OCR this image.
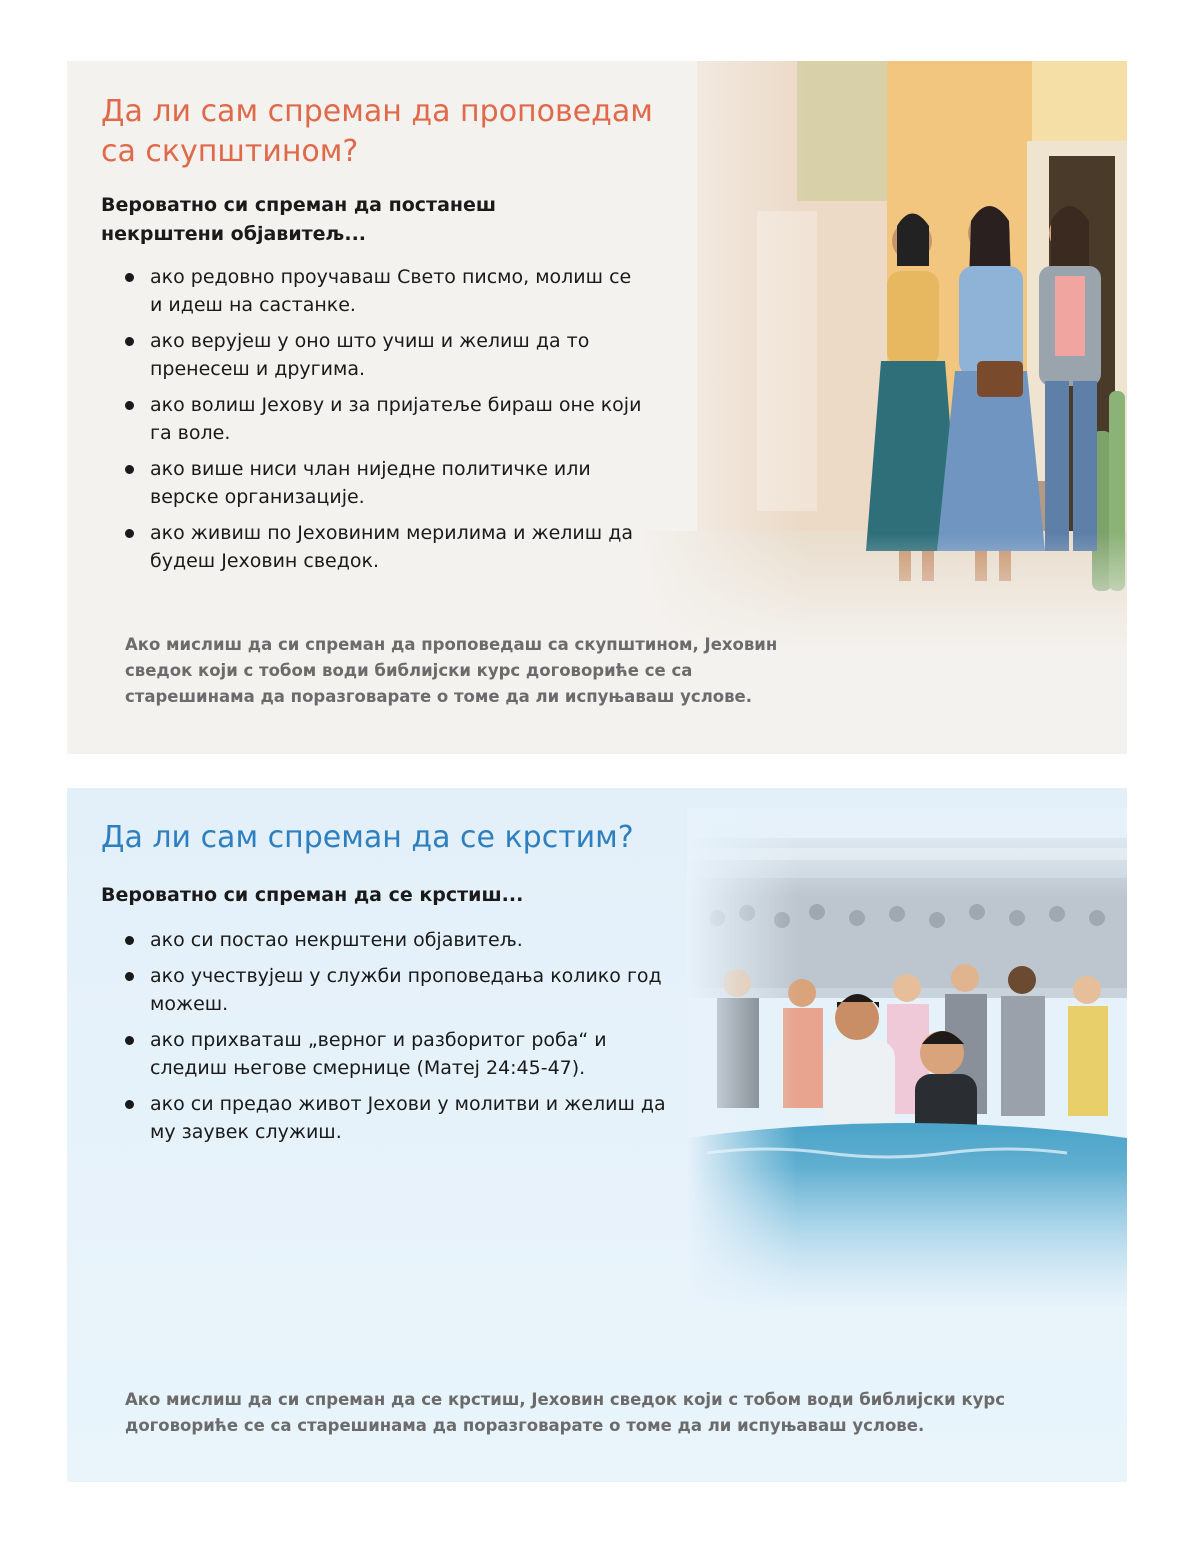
Да ли сам спреман да проповедам са скупштином?

Вероватно си спреман да постанеш некрштени објавитељ...

ако редовно проучаваш Свето писмо, молиш се и идеш на састанке.
ако верујеш у оно што учиш и желиш да то пренесеш и другима.
ако волиш Јехову и за пријатеље бираш оне који га воле.
ако више ниси члан ниједне политичке или верске организације.
ако живиш по Јеховиним мерилима и желиш да будеш Јеховин сведок.

Ако мислиш да си спреман да проповедаш са скупштином, Јеховин сведок који с тобом води библијски курс договориће се са старешинама да поразговарате о томе да ли испуњаваш услове.

Да ли сам спреман да се крстим?

Вероватно си спреман да се крстиш...

ако си постао некрштени објавитељ.
ако учествујеш у служби проповедања колико год можеш.
ако прихваташ „верног и разборитог роба“ и следиш његове смернице (Матеј 24:45-47).
ако си предао живот Јехови у молитви и желиш да му заувек служиш.

Ако мислиш да си спреман да се крстиш, Јеховин сведок који с тобом води библијски курс договориће се са старешинама да поразговарате о томе да ли испуњаваш услове.
